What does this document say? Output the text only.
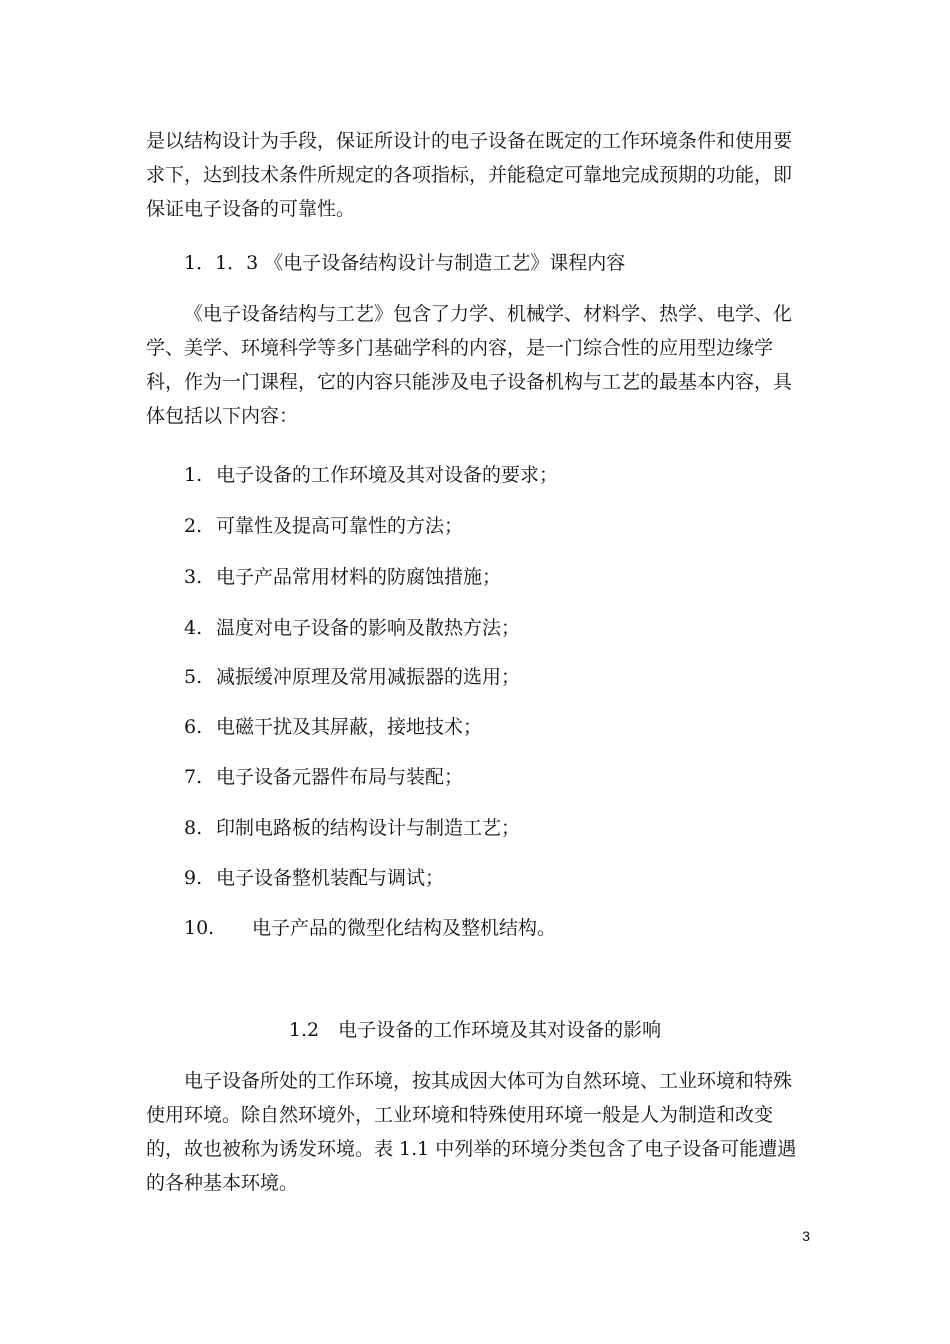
是以结构设计为手段，保证所设计的电子设备在既定的工作环境条件和使用要求下，达到技术条件所规定的各项指标，并能稳定可靠地完成预期的功能，即保证电子设备的可靠性。

1．1．3 《电子设备结构设计与制造工艺》课程内容

《电子设备结构与工艺》包含了力学、机械学、材料学、热学、电学、化学、美学、环境科学等多门基础学科的内容，是一门综合性的应用型边缘学科，作为一门课程，它的内容只能涉及电子设备机构与工艺的最基本内容，具体包括以下内容：

1. 电子设备的工作环境及其对设备的要求；

2. 可靠性及提高可靠性的方法；

3. 电子产品常用材料的防腐蚀措施；

4. 温度对电子设备的影响及散热方法；

5. 减振缓冲原理及常用减振器的选用；

6. 电磁干扰及其屏蔽，接地技术；

7. 电子设备元器件布局与装配；

8. 印制电路板的结构设计与制造工艺；

9. 电子设备整机装配与调试；

10. 电子产品的微型化结构及整机结构。

1.2　电子设备的工作环境及其对设备的影响

电子设备所处的工作环境，按其成因大体可为自然环境、工业环境和特殊使用环境。除自然环境外，工业环境和特殊使用环境一般是人为制造和改变的，故也被称为诱发环境。表 1.1 中列举的环境分类包含了电子设备可能遭遇的各种基本环境。

3
